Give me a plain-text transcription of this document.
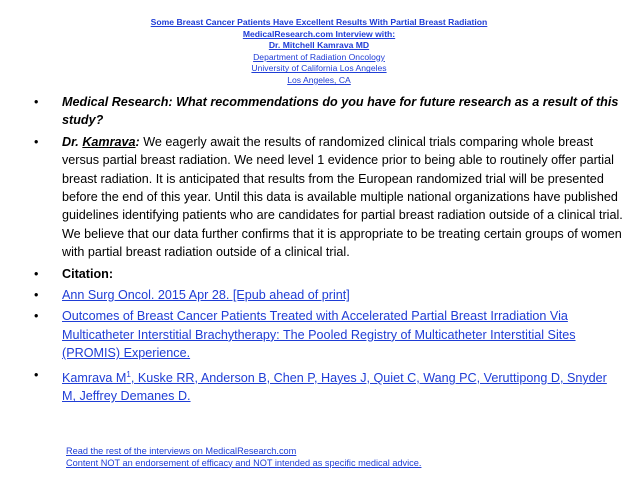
Some Breast Cancer Patients Have Excellent Results With Partial Breast Radiation
MedicalResearch.com Interview with:
Dr. Mitchell Kamrava MD
Department of Radiation Oncology
University of California Los Angeles
Los Angeles, CA
• Medical Research: What recommendations do you have for future research as a result of this study?
• Dr. Kamrava: We eagerly await the results of randomized clinical trials comparing whole breast versus partial breast radiation. We need level 1 evidence prior to being able to routinely offer partial breast radiation. It is anticipated that results from the European randomized trial will be presented before the end of this year. Until this data is available multiple national organizations have published guidelines identifying patients who are candidates for partial breast radiation outside of a clinical trial. We believe that our data further confirms that it is appropriate to be treating certain groups of women with partial breast radiation outside of a clinical trial.
• Citation:
• Ann Surg Oncol. 2015 Apr 28. [Epub ahead of print]
• Outcomes of Breast Cancer Patients Treated with Accelerated Partial Breast Irradiation Via Multicatheter Interstitial Brachytherapy: The Pooled Registry of Multicatheter Interstitial Sites (PROMIS) Experience.
• Kamrava $M^1$, Kuske RR, Anderson B, Chen P, Hayes J, Quiet C, Wang PC, Veruttipong D, Snyder M, Jeffrey Demanes D.
Read the rest of the interviews on MedicalResearch.com
Content NOT an endorsement of efficacy and NOT intended as specific medical advice.
